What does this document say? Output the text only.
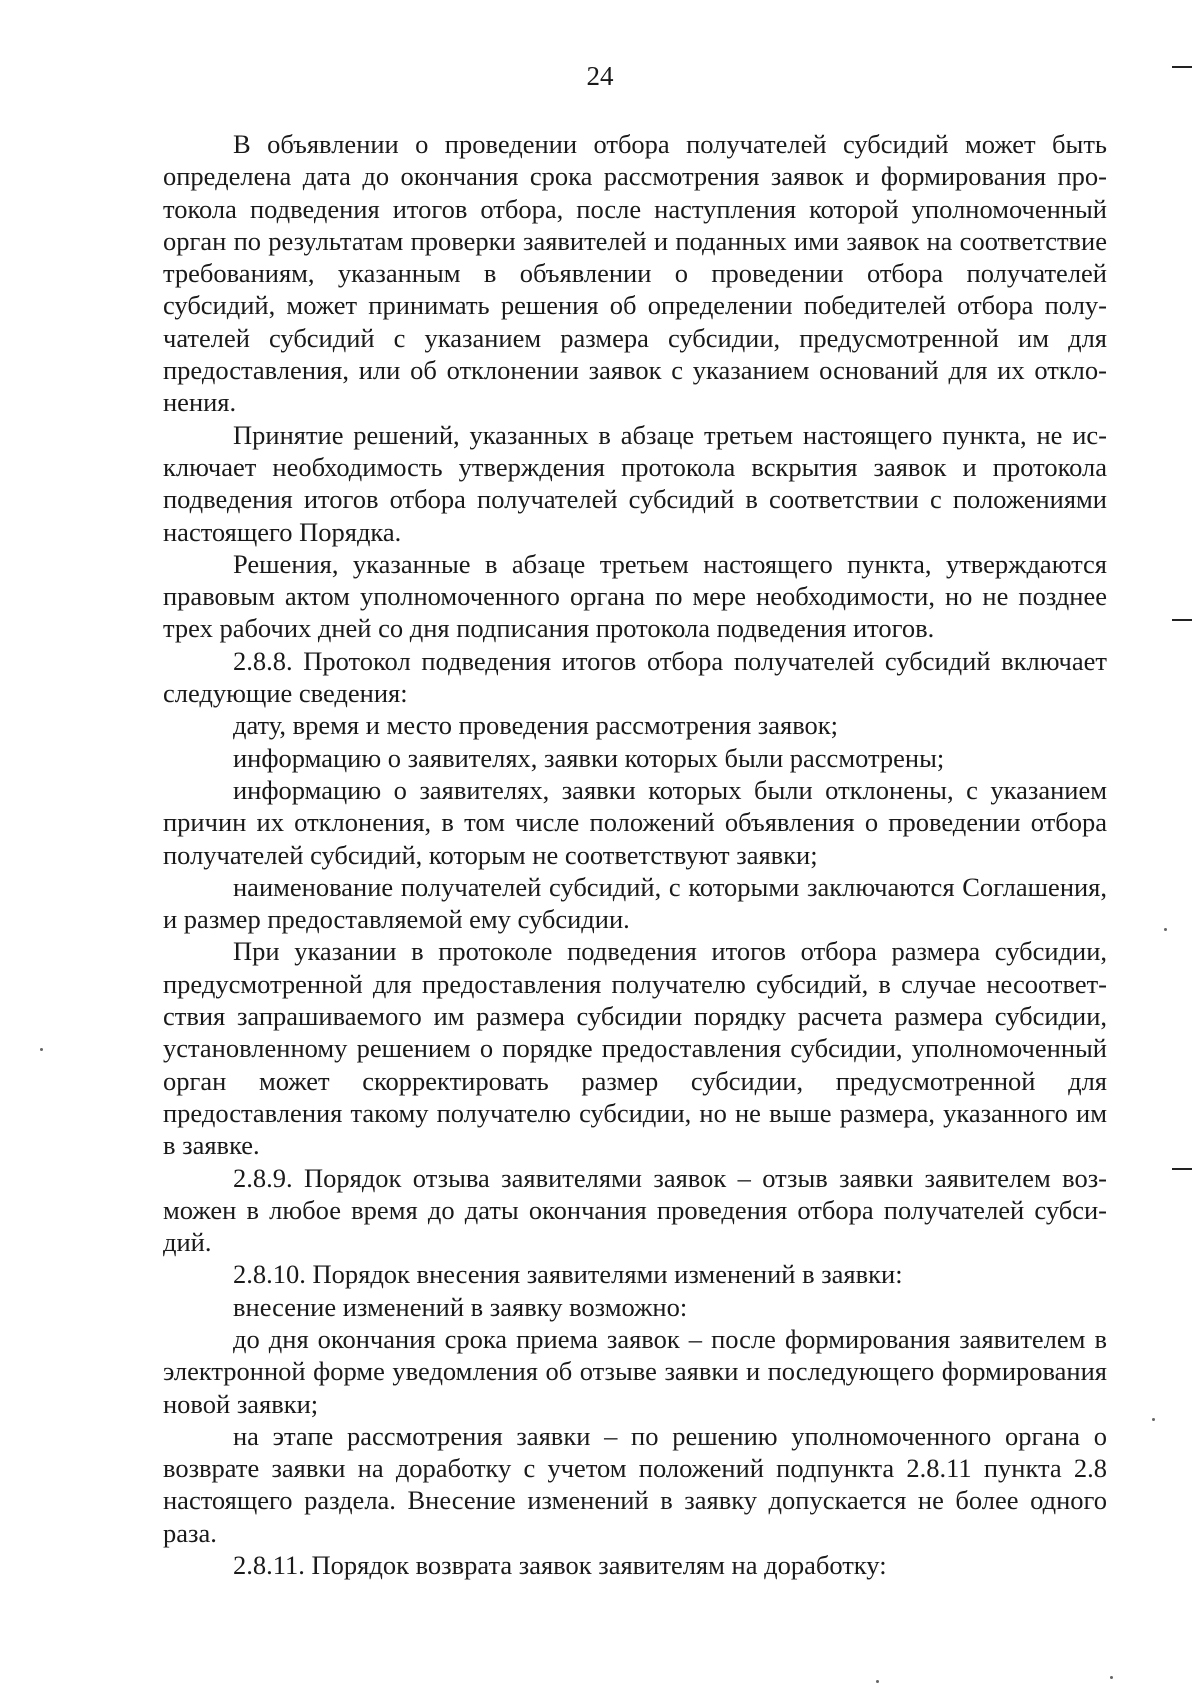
24

В объявлении о проведении отбора получателей субсидий может быть определена дата до окончания срока рассмотрения заявок и формирования протокола подведения итогов отбора, после наступления которой уполномоченный орган по результатам проверки заявителей и поданных ими заявок на соответствие требованиям, указанным в объявлении о проведении отбора получателей субсидий, может принимать решения об определении победителей отбора получателей субсидий с указанием размера субсидии, предусмотренной им для предоставления, или об отклонении заявок с указанием оснований для их отклонения.

Принятие решений, указанных в абзаце третьем настоящего пункта, не исключает необходимость утверждения протокола вскрытия заявок и протокола подведения итогов отбора получателей субсидий в соответствии с положениями настоящего Порядка.

Решения, указанные в абзаце третьем настоящего пункта, утверждаются правовым актом уполномоченного органа по мере необходимости, но не позднее трех рабочих дней со дня подписания протокола подведения итогов.

2.8.8. Протокол подведения итогов отбора получателей субсидий включает следующие сведения:

дату, время и место проведения рассмотрения заявок;

информацию о заявителях, заявки которых были рассмотрены;

информацию о заявителях, заявки которых были отклонены, с указанием причин их отклонения, в том числе положений объявления о проведении отбора получателей субсидий, которым не соответствуют заявки;

наименование получателей субсидий, с которыми заключаются Соглашения, и размер предоставляемой ему субсидии.

При указании в протоколе подведения итогов отбора размера субсидии, предусмотренной для предоставления получателю субсидий, в случае несоответствия запрашиваемого им размера субсидии порядку расчета размера субсидии, установленному решением о порядке предоставления субсидии, уполномоченный орган может скорректировать размер субсидии, предусмотренной для предоставления такому получателю субсидии, но не выше размера, указанного им в заявке.

2.8.9. Порядок отзыва заявителями заявок – отзыв заявки заявителем возможен в любое время до даты окончания проведения отбора получателей субсидий.

2.8.10. Порядок внесения заявителями изменений в заявки:

внесение изменений в заявку возможно:

до дня окончания срока приема заявок – после формирования заявителем в электронной форме уведомления об отзыве заявки и последующего формирования новой заявки;

на этапе рассмотрения заявки – по решению уполномоченного органа о возврате заявки на доработку с учетом положений подпункта 2.8.11 пункта 2.8 настоящего раздела. Внесение изменений в заявку допускается не более одного раза.

2.8.11. Порядок возврата заявок заявителям на доработку:
